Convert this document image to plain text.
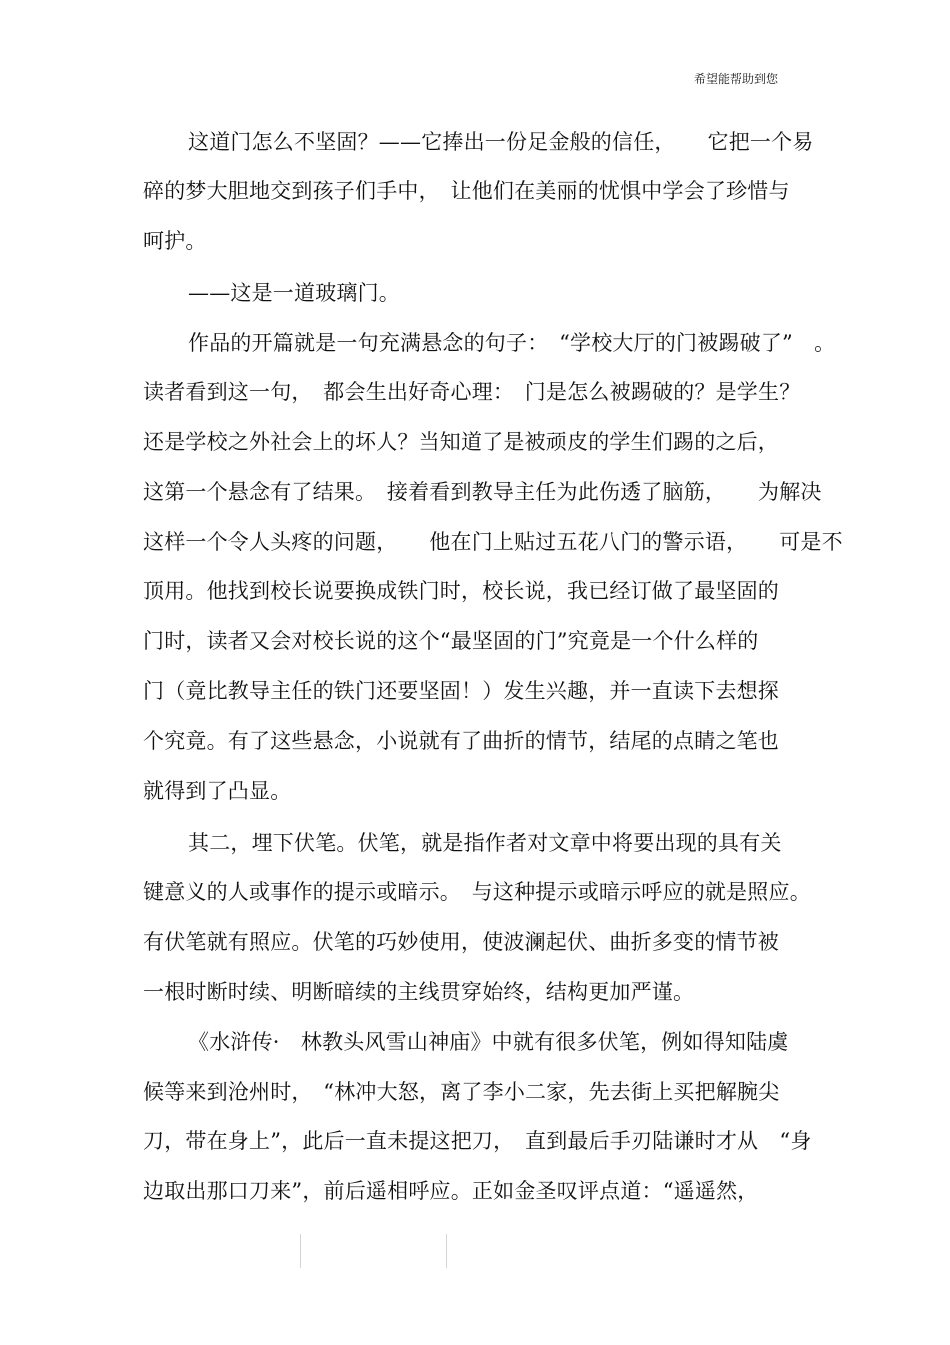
希望能帮助到您
这道门怎么不坚固？——它捧出一份足金般的信任，　　它把一个易
碎的梦大胆地交到孩子们手中，　让他们在美丽的忧惧中学会了珍惜与
呵护。
——这是一道玻璃门。
作品的开篇就是一句充满悬念的句子：　“学校大厅的门被踢破了”　。
读者看到这一句，　都会生出好奇心理：　门是怎么被踢破的？是学生？
还是学校之外社会上的坏人？当知道了是被顽皮的学生们踢的之后，
这第一个悬念有了结果。　接着看到教导主任为此伤透了脑筋，　　为解决
这样一个令人头疼的问题，　　他在门上贴过五花八门的警示语，　　可是不
顶用。他找到校长说要换成铁门时，校长说，我已经订做了最坚固的
门时，读者又会对校长说的这个“最坚固的门”究竟是一个什么样的
门（竟比教导主任的铁门还要坚固！）发生兴趣，并一直读下去想探
个究竟。有了这些悬念，小说就有了曲折的情节，结尾的点睛之笔也
就得到了凸显。
其二，埋下伏笔。伏笔，就是指作者对文章中将要出现的具有关
键意义的人或事作的提示或暗示。　与这种提示或暗示呼应的就是照应。
有伏笔就有照应。伏笔的巧妙使用，使波澜起伏、曲折多变的情节被
一根时断时续、明断暗续的主线贯穿始终，结构更加严谨。
《水浒传·　林教头风雪山神庙》中就有很多伏笔，例如得知陆虞
候等来到沧州时，　“林冲大怒，离了李小二家，先去街上买把解腕尖
刀，带在身上”，此后一直未提这把刀，　直到最后手刃陆谦时才从　“身
边取出那口刀来”，前后遥相呼应。正如金圣叹评点道：“遥遥然，
